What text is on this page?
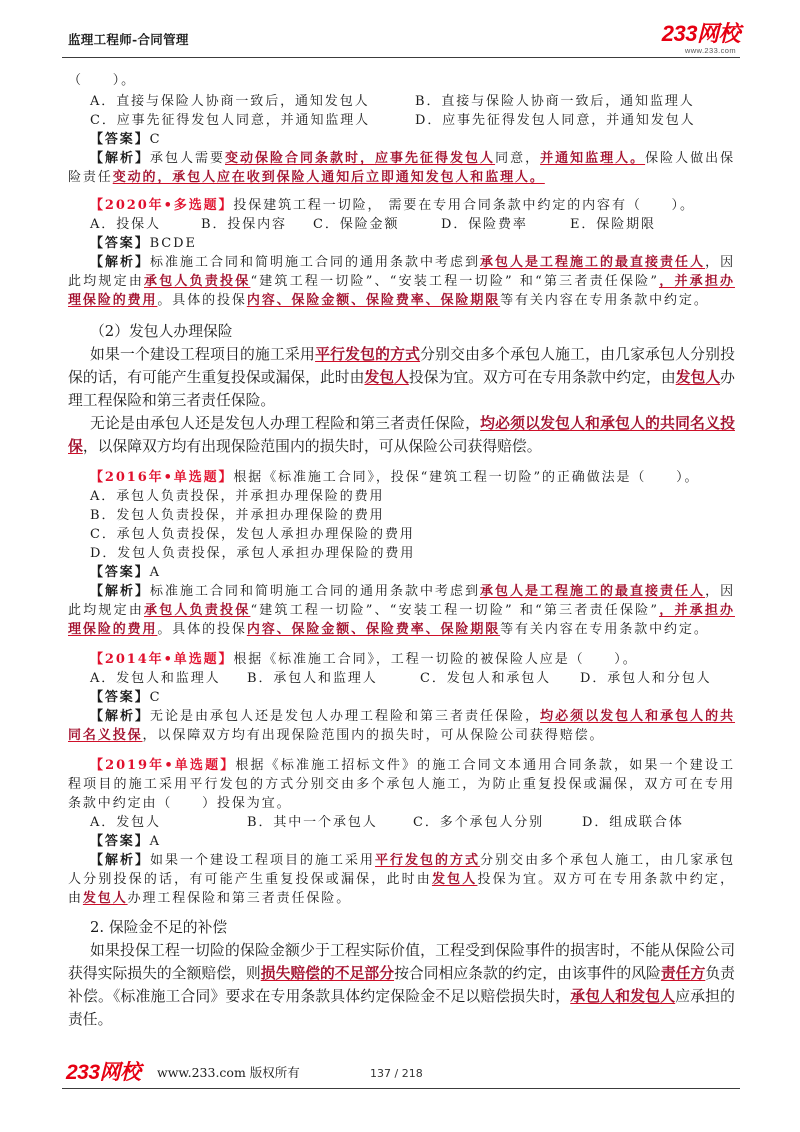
监理工程师-合同管理	233网校
www.233.com

（　　）。

A．直接与保险人协商一致后，通知发包人	B．直接与保险人协商一致后，通知监理人
C．应事先征得发包人同意，并通知监理人	D．应事先征得发包人同意，并通知发包人

【答案】C

【解析】承包人需要变动保险合同条款时，应事先征得发包人同意，并通知监理人。保险人做出保险责任变动的，承包人应在收到保险人通知后立即通知发包人和监理人。

【2020年•多选题】投保建筑工程一切险， 需要在专用合同条款中约定的内容有（　　）。

A．投保人	B．投保内容 C．保险金额	D．保险费率	E．保险期限

【答案】BCDE

【解析】标准施工合同和简明施工合同的通用条款中考虑到承包人是工程施工的最直接责任人，因此均规定由承包人负责投保“建筑工程一切险”、“安装工程一切险” 和“第三者责任保险”，并承担办理保险的费用。具体的投保内容、保险金额、保险费率、保险期限等有关内容在专用条款中约定。

（2）发包人办理保险

如果一个建设工程项目的施工采用平行发包的方式分别交由多个承包人施工，由几家承包人分别投保的话，有可能产生重复投保或漏保，此时由发包人投保为宜。双方可在专用条款中约定，由发包人办理工程保险和第三者责任保险。

无论是由承包人还是发包人办理工程险和第三者责任保险，均必须以发包人和承包人的共同名义投保，以保障双方均有出现保险范围内的损失时，可从保险公司获得赔偿。

【2016年•单选题】根据《标准施工合同》，投保“建筑工程一切险”的正确做法是（　　）。

A．承包人负责投保，并承担办理保险的费用

B．发包人负责投保，并承担办理保险的费用

C．承包人负责投保，发包人承担办理保险的费用

D．发包人负责投保，承包人承担办理保险的费用

【答案】A

【解析】标准施工合同和简明施工合同的通用条款中考虑到承包人是工程施工的最直接责任人，因此均规定由承包人负责投保“建筑工程一切险”、“安装工程一切险” 和“第三者责任保险”，并承担办理保险的费用。具体的投保内容、保险金额、保险费率、保险期限等有关内容在专用条款中约定。

【2014年•单选题】根据《标准施工合同》，工程一切险的被保险人应是（　　）。

A．发包人和监理人 B．承包人和监理人	C．发包人和承包人 D．承包人和分包人

【答案】C

【解析】无论是由承包人还是发包人办理工程险和第三者责任保险，均必须以发包人和承包人的共同名义投保，以保障双方均有出现保险范围内的损失时，可从保险公司获得赔偿。

【2019年•单选题】根据《标准施工招标文件》的施工合同文本通用合同条款，如果一个建设工程项目的施工采用平行发包的方式分别交由多个承包人施工，为防止重复投保或漏保，双方可在专用条款中约定由（　　）投保为宜。

A．发包人	B．其中一个承包人	C．多个承包人分别	D．组成联合体

【答案】A

【解析】如果一个建设工程项目的施工采用平行发包的方式分别交由多个承包人施工，由几家承包人分别投保的话，有可能产生重复投保或漏保，此时由发包人投保为宜。双方可在专用条款中约定，由发包人办理工程保险和第三者责任保险。

2. 保险金不足的补偿

如果投保工程一切险的保险金额少于工程实际价值，工程受到保险事件的损害时，不能从保险公司获得实际损失的全额赔偿，则损失赔偿的不足部分按合同相应条款的约定，由该事件的风险责任方负责补偿。《标准施工合同》要求在专用条款具体约定保险金不足以赔偿损失时，承包人和发包人应承担的责任。

233网校 www.233.com 版权所有	137 / 218
